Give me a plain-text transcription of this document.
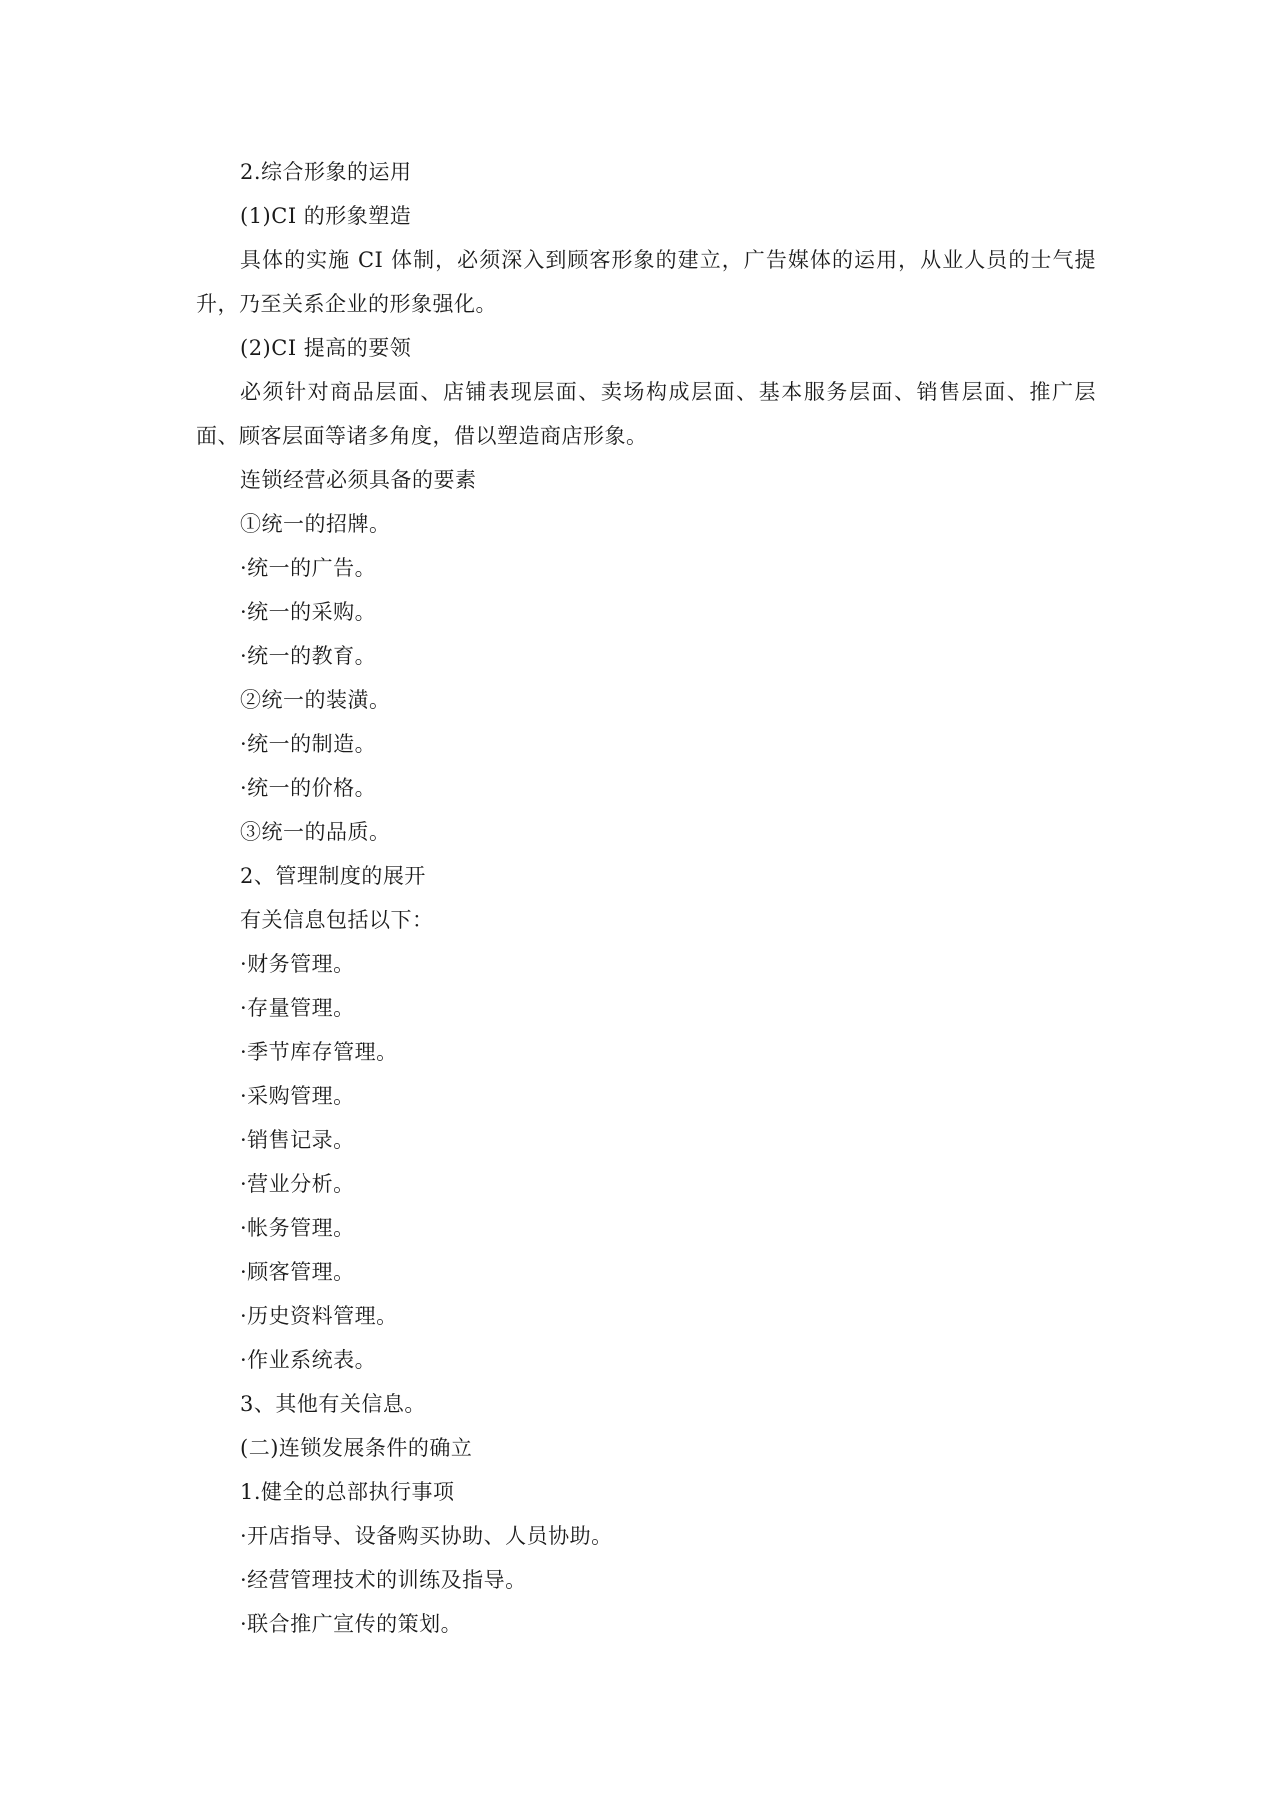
2.综合形象的运用
(1)CI 的形象塑造
具体的实施 CI 体制，必须深入到顾客形象的建立，广告媒体的运用，从业人员的士气提升，乃至关系企业的形象强化。
(2)CI 提高的要领
必须针对商品层面、店铺表现层面、卖场构成层面、基本服务层面、销售层面、推广层面、顾客层面等诸多角度，借以塑造商店形象。
连锁经营必须具备的要素
①统一的招牌。
·统一的广告。
·统一的采购。
·统一的教育。
②统一的装潢。
·统一的制造。
·统一的价格。
③统一的品质。
2、管理制度的展开
有关信息包括以下：
·财务管理。
·存量管理。
·季节库存管理。
·采购管理。
·销售记录。
·营业分析。
·帐务管理。
·顾客管理。
·历史资料管理。
·作业系统表。
3、其他有关信息。
(二)连锁发展条件的确立
1.健全的总部执行事项
·开店指导、设备购买协助、人员协助。
·经营管理技术的训练及指导。
·联合推广宣传的策划。
